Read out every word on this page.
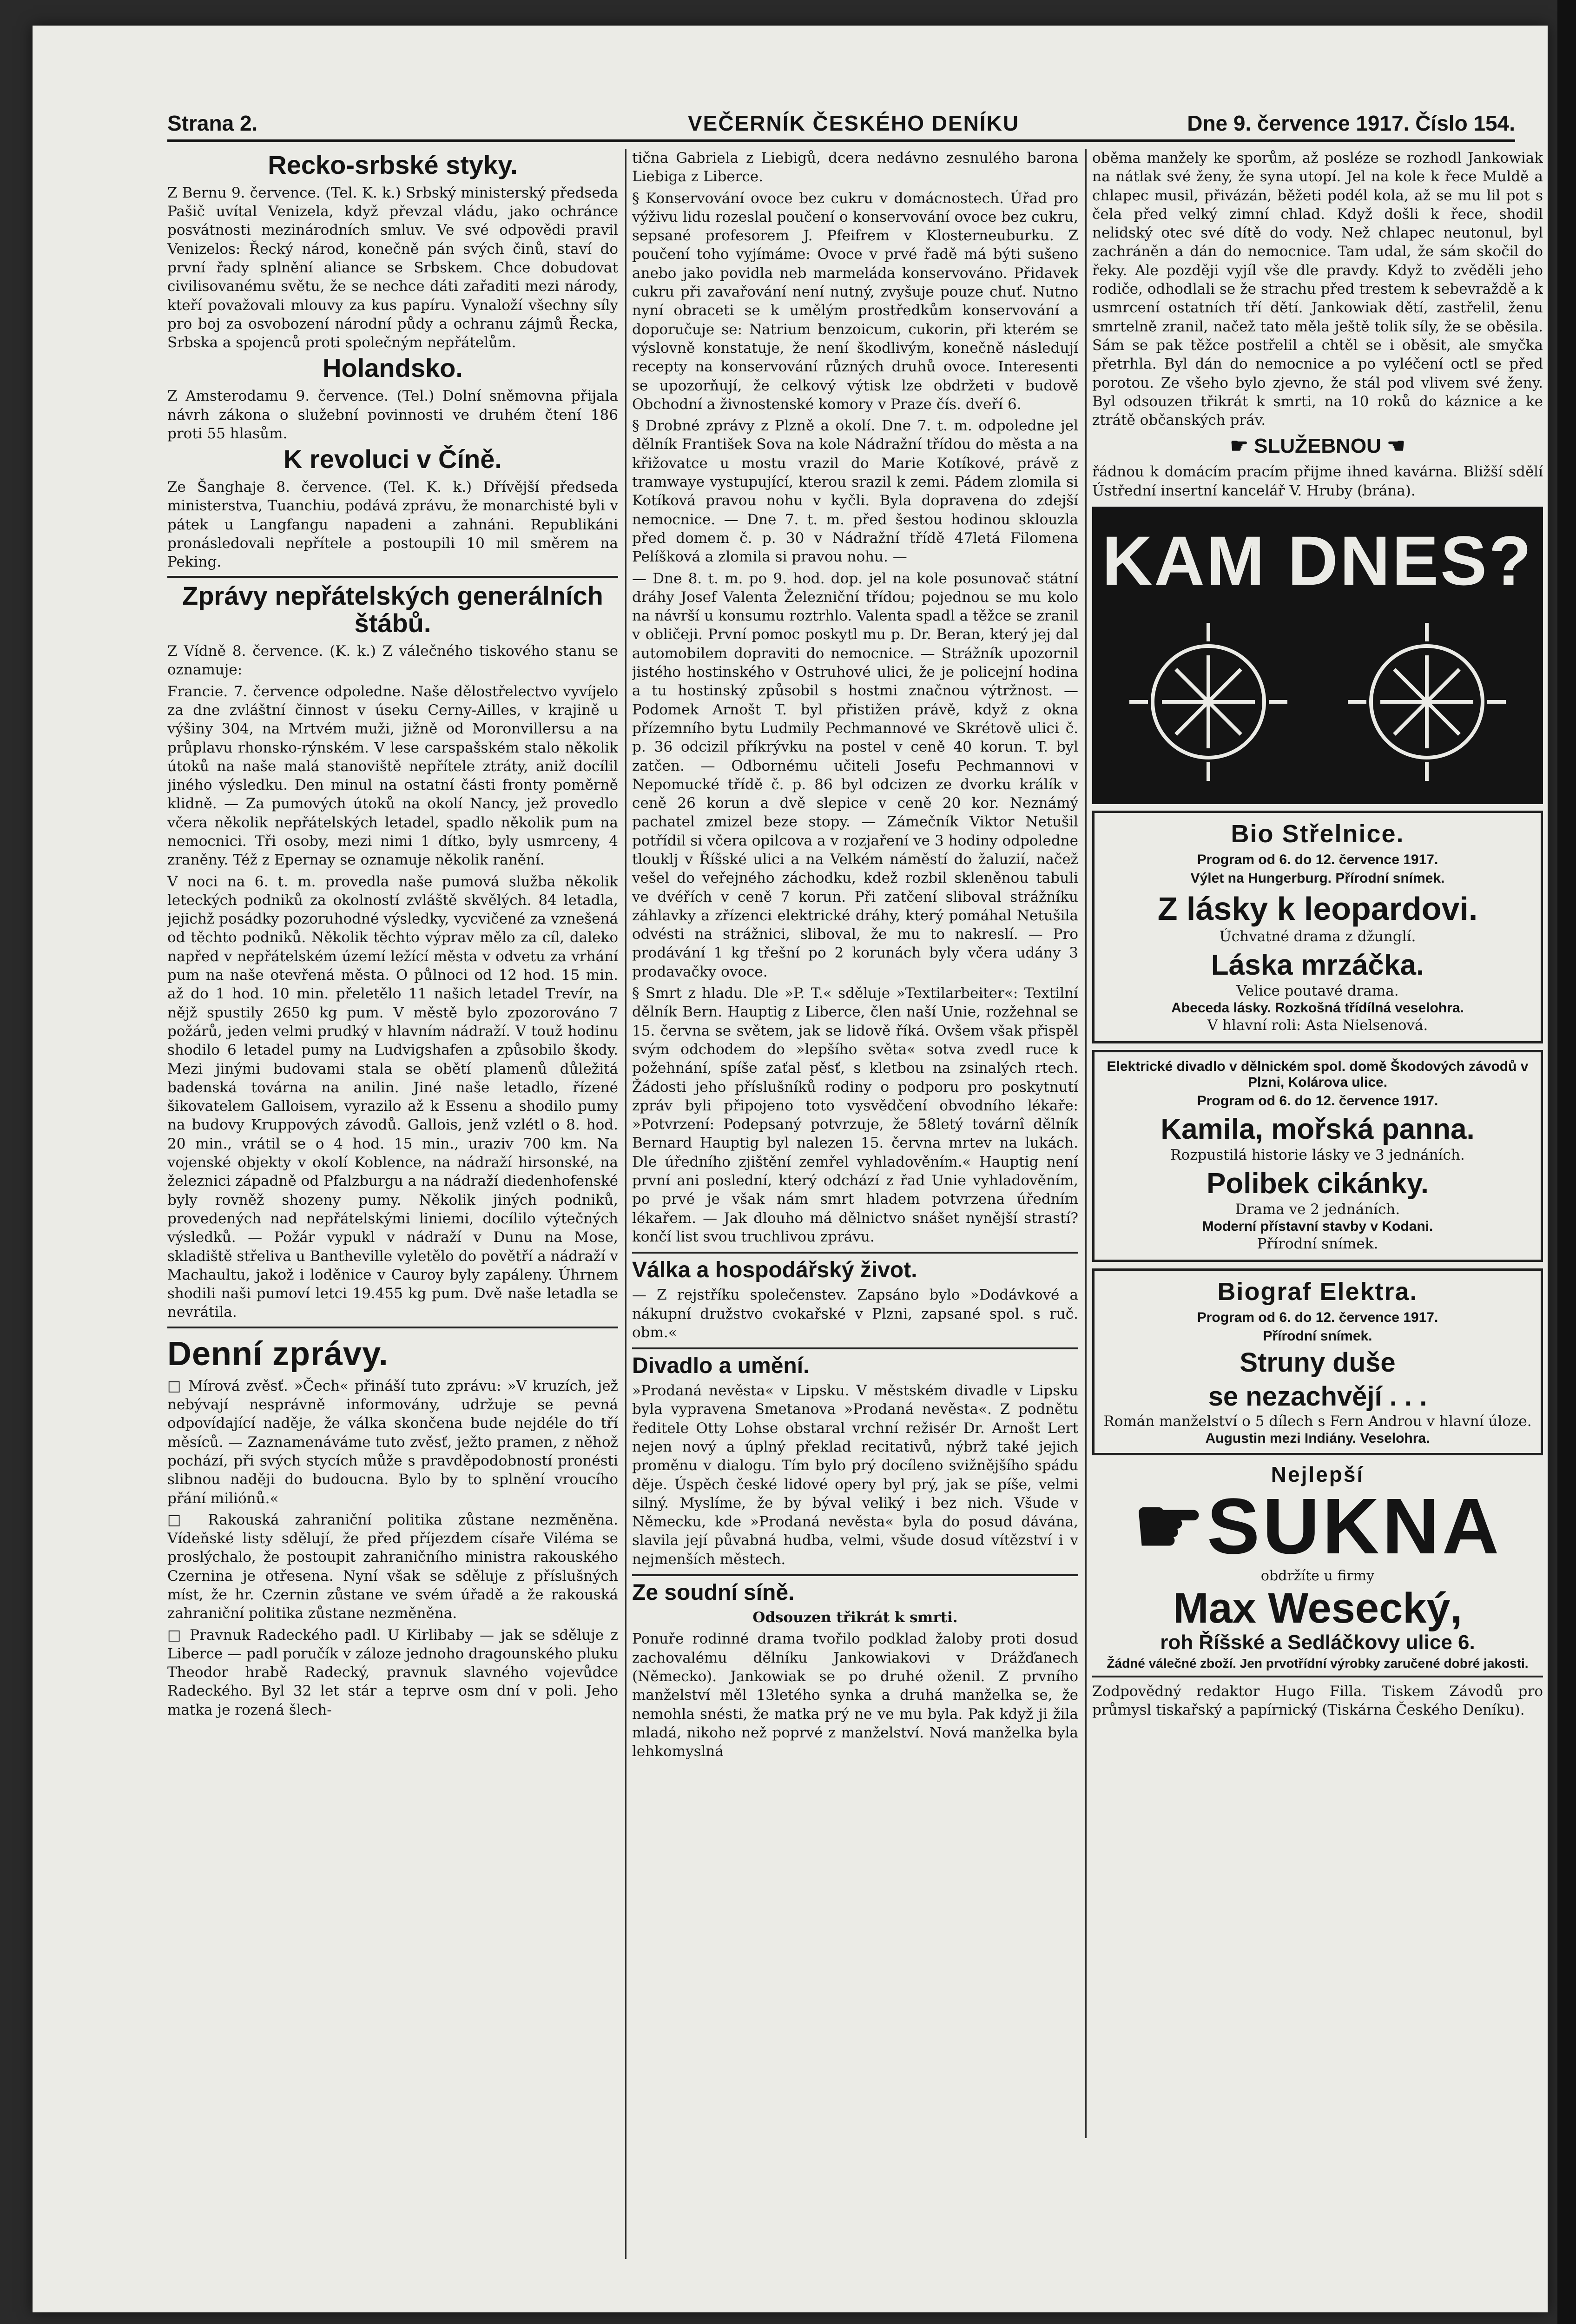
Strana 2.	VEČERNÍK ČESKÉHO DENÍKU	Dne 9. července 1917. Číslo 154.
Recko-srbské styky.

Z Bernu 9. července. (Tel. K. k.) Srbský ministerský předseda Pašič uvítal Venizela, když převzal vládu, jako ochránce posvátnosti mezinárodních smluv. Ve své odpovědi pravil Venizelos: Řecký národ, konečně pán svých činů, staví do první řady splnění aliance se Srbskem. Chce dobudovat civilisovanému světu, že se nechce dáti zařaditi mezi národy, kteří považovali mlouvy za kus papíru. Vynaloží všechny síly pro boj za osvobození národní půdy a ochranu zájmů Řecka, Srbska a spojenců proti společným nepřátelům.

Holandsko.

Z Amsterodamu 9. července. (Tel.) Dolní sněmovna přijala návrh zákona o služební povinnosti ve druhém čtení 186 proti 55 hlasům.

K revoluci v Číně.

Ze Šanghaje 8. července. (Tel. K. k.) Dřívější předseda ministerstva, Tuanchiu, podává zprávu, že monarchisté byli v pátek u Langfangu napadeni a zahnáni. Republikáni pronásledovali nepřítele a postoupili 10 mil směrem na Peking.

Zprávy nepřátelských generálních štábů.

Z Vídně 8. července. (K. k.) Z válečného tiskového stanu se oznamuje:

Francie. 7. července odpoledne. Naše dělostřelectvo vyvíjelo za dne zvláštní činnost v úseku Cerny-Ailles, v krajině u výšiny 304, na Mrtvém muži, jižně od Moronvillersu a na průplavu rhonsko-rýnském. V lese carspašském stalo několik útoků na naše malá stanoviště nepřítele ztráty, aniž docílil jiného výsledku. Den minul na ostatní části fronty poměrně klidně. — Za pumových útoků na okolí Nancy, jež provedlo včera několik nepřátelských letadel, spadlo několik pum na nemocnici. Tři osoby, mezi nimi 1 dítko, byly usmrceny, 4 zraněny. Též z Epernay se oznamuje několik ranění.

V noci na 6. t. m. provedla naše pumová služba několik leteckých podniků za okolností zvláště skvělých. 84 letadla, jejichž posádky pozoruhodné výsledky, vycvičené za vznešená od těchto podniků. Několik těchto výprav mělo za cíl, daleko napřed v nepřátelském území ležící města v odvetu za vrhání pum na naše otevřená města. O půlnoci od 12 hod. 15 min. až do 1 hod. 10 min. přeletělo 11 našich letadel Trevír, na nějž spustily 2650 kg pum. V městě bylo zpozorováno 7 požárů, jeden velmi prudký v hlavním nádraží. V touž hodinu shodilo 6 letadel pumy na Ludvigshafen a způsobilo škody. Mezi jinými budovami stala se obětí plamenů důležitá badenská továrna na anilin. Jiné naše letadlo, řízené šikovatelem Galloisem, vyrazilo až k Essenu a shodilo pumy na budovy Kruppových závodů. Gallois, jenž vzlétl o 8. hod. 20 min., vrátil se o 4 hod. 15 min., uraziv 700 km. Na vojenské objekty v okolí Koblence, na nádraží hirsonské, na železnici západně od Pfalzburgu a na nádraží diedenhofenské byly rovněž shozeny pumy. Několik jiných podniků, provedených nad nepřátelskými liniemi, docílilo výtečných výsledků. — Požár vypukl v nádraží v Dunu na Mose, skladiště střeliva u Bantheville vyletělo do povětří a nádraží v Machaultu, jakož i loděnice v Cauroy byly zapáleny. Úhrnem shodili naši pumoví letci 19.455 kg pum. Dvě naše letadla se nevrátila.

Denní zprávy.

□ Mírová zvěsť. »Čech« přináší tuto zprávu: »V kruzích, jež nebývají nesprávně informovány, udržuje se pevná odpovídající naděje, že válka skončena bude nejdéle do tří měsíců. — Zaznamenáváme tuto zvěsť, ježto pramen, z něhož pochází, při svých stycích může s pravděpodobností pronésti slibnou naději do budoucna. Bylo by to splnění vroucího přání miliónů.«

□ Rakouská zahraniční politika zůstane nezměněna. Vídeňské listy sdělují, že před příjezdem císaře Viléma se proslýchalo, že postoupit zahraničního ministra rakouského Czernina je otřesena. Nyní však se sděluje z příslušných míst, že hr. Czernin zůstane ve svém úřadě a že rakouská zahraniční politika zůstane nezměněna.

□ Pravnuk Radeckého padl. U Kirlibaby — jak se sděluje z Liberce — padl poručík v záloze jednoho dragounského pluku Theodor hrabě Radecký, pravnuk slavného vojevůdce Radeckého. Byl 32 let stár a teprve osm dní v poli. Jeho matka je rozená šlech-

tična Gabriela z Liebigů, dcera nedávno zesnulého barona Liebiga z Liberce.

§ Konservování ovoce bez cukru v domácnostech. Úřad pro výživu lidu rozeslal poučení o konservování ovoce bez cukru, sepsané profesorem J. Pfeifrem v Klosterneuburku. Z poučení toho vyjímáme: Ovoce v prvé řadě má býti sušeno anebo jako povidla neb marmeláda konservováno. Přidavek cukru při zavařování není nutný, zvyšuje pouze chuť. Nutno nyní obraceti se k umělým prostředkům konservování a doporučuje se: Natrium benzoicum, cukorin, při kterém se výslovně konstatuje, že není škodlivým, konečně následují recepty na konservování různých druhů ovoce. Interesenti se upozorňují, že celkový výtisk lze obdržeti v budově Obchodní a živnostenské komory v Praze čís. dveří 6.

§ Drobné zprávy z Plzně a okolí. Dne 7. t. m. odpoledne jel dělník František Sova na kole Nádražní třídou do města a na křižovatce u mostu vrazil do Marie Kotíkové, právě z tramwaye vystupující, kterou srazil k zemi. Pádem zlomila si Kotíková pravou nohu v kyčli. Byla dopravena do zdejší nemocnice. — Dne 7. t. m. před šestou hodinou sklouzla před domem č. p. 30 v Nádražní třídě 47letá Filomena Pelíšková a zlomila si pravou nohu. —

— Dne 8. t. m. po 9. hod. dop. jel na kole posunovač státní dráhy Josef Valenta Železniční třídou; pojednou se mu kolo na návrší u konsumu roztrhlo. Valenta spadl a těžce se zranil v obličeji. První pomoc poskytl mu p. Dr. Beran, který jej dal automobilem dopraviti do nemocnice. — Strážník upozornil jistého hostinského v Ostruhové ulici, že je policejní hodina a tu hostinský způsobil s hostmi značnou výtržnost. — Podomek Arnošt T. byl přistižen právě, když z okna přízemního bytu Ludmily Pechmannové ve Skrétově ulici č. p. 36 odcizil příkrývku na postel v ceně 40 korun. T. byl zatčen. — Odbornému učiteli Josefu Pechmannovi v Nepomucké třídě č. p. 86 byl odcizen ze dvorku králík v ceně 26 korun a dvě slepice v ceně 20 kor. Neznámý pachatel zmizel beze stopy. — Zámečník Viktor Netušil potřídil si včera opilcova a v rozjaření ve 3 hodiny odpoledne tlouklj v Říšské ulici a na Velkém náměstí do žaluzií, načež vešel do veřejného záchodku, kdež rozbil skleněnou tabuli ve dvéřích v ceně 7 korun. Při zatčení sliboval strážníku záhlavky a zřízenci elektrické dráhy, který pomáhal Netušila odvésti na strážnici, sliboval, že mu to nakreslí. — Pro prodávání 1 kg třešní po 2 korunách byly včera udány 3 prodavačky ovoce.

§ Smrt z hladu. Dle »P. T.« sděluje »Textilarbeiter«: Textilní dělník Bern. Hauptig z Liberce, člen naší Unie, rozžehnal se 15. června se světem, jak se lidově říká. Ovšem však přispěl svým odchodem do »lepšího světa« sotva zvedl ruce k požehnání, spíše zaťal pěsť, s kletbou na zsinalých rtech. Žádosti jeho příslušníků rodiny o podporu pro poskytnutí zpráv byli připojeno toto vysvědčení obvodního lékaře: »Potvrzení: Podepsaný potvrzuje, že 58letý továrnî dělník Bernard Hauptig byl nalezen 15. června mrtev na lukách. Dle úředního zjištění zemřel vyhladověním.« Hauptig není první ani poslední, který odchází z řad Unie vyhladověním, po prvé je však nám smrt hladem potvrzena úředním lékařem. — Jak dlouho má dělnictvo snášet nynější strastí? končí list svou truchlivou zprávu.

Válka a hospodářský život.

— Z rejstříku společenstev. Zapsáno bylo »Dodávkové a nákupní družstvo cvokařské v Plzni, zapsané spol. s ruč. obm.«

Divadlo a umění.

»Prodaná nevěsta« v Lipsku. V městském divadle v Lipsku byla vypravena Smetanova »Prodaná nevěsta«. Z podnětu ředitele Otty Lohse obstaral vrchní režisér Dr. Arnošt Lert nejen nový a úplný překlad recitativů, nýbrž také jejich proměnu v dialogu. Tím bylo prý docíleno svižnějšího spádu děje. Úspěch české lidové opery byl prý, jak se píše, velmi silný. Myslíme, že by býval veliký i bez nich. Všude v Německu, kde »Prodaná nevěsta« byla do posud dávána, slavila její půvabná hudba, velmi, všude dosud vítězství i v nejmenších městech.

Ze soudní síně.

Odsouzen třikrát k smrti.

Ponuře rodinné drama tvořilo podklad žaloby proti dosud zachovalému dělníku Jankowiakovi v Drážďanech (Německo). Jankowiak se po druhé oženil. Z prvního manželství měl 13letého synka a druhá manželka se, že nemohla snésti, že matka prý ne ve mu byla. Pak když ji žila mladá, nikoho než poprvé z manželství. Nová manželka byla lehkomyslná

oběma manžely ke sporům, až posléze se rozhodl Jankowiak na nátlak své ženy, že syna utopí. Jel na kole k řece Muldě a chlapec musil, přivázán, běžeti podél kola, až se mu lil pot s čela před velký zimní chlad. Když došli k řece, shodil nelidský otec své dítě do vody. Než chlapec neutonul, byl zachráněn a dán do nemocnice. Tam udal, že sám skočil do řeky. Ale později vyjíl vše dle pravdy. Když to zvěděli jeho rodiče, odhodlali se že strachu před trestem k sebevraždě a k usmrcení ostatních tří dětí. Jankowiak dětí, zastřelil, ženu smrtelně zranil, načež tato měla ještě tolik síly, že se oběsila. Sám se pak těžce postřelil a chtěl se i oběsit, ale smyčka přetrhla. Byl dán do nemocnice a po vyléčení octl se před porotou. Ze všeho bylo zjevno, že stál pod vlivem své ženy. Byl odsouzen třikrát k smrti, na 10 roků do káznice a ke ztrátě občanských práv.

☛ SLUŽEBNOU ☚

řádnou k domácím pracím přijme ihned kavárna. Bližší sdělí Ústřední insertní kancelář V. Hruby (brána).

KAM DNES?
Bio Střelnice.
Program od 6. do 12. července 1917.
Výlet na Hungerburg. Přírodní snímek.
Z lásky k leopardovi.
Úchvatné drama z džunglí.
Láska mrzáčka.
Velice poutavé drama.
Abeceda lásky. Rozkošná třídílná veselohra.
V hlavní roli: Asta Nielsenová.
Elektrické divadlo v dělnickém spol. domě Škodových závodů v Plzni, Kolárova ulice.
Program od 6. do 12. července 1917.
Kamila, mořská panna.
Rozpustilá historie lásky ve 3 jednáních.
Polibek cikánky.
Drama ve 2 jednáních.
Moderní přístavní stavby v Kodani.
Přírodní snímek.
Biograf Elektra.
Program od 6. do 12. července 1917.
Přírodní snímek.
Struny duše
se nezachvějí . . .
Román manželství o 5 dílech s Fern Androu v hlavní úloze.
Augustin mezi Indiány. Veselohra.
Nejlepší
☛SUKNA
obdržíte u firmy
Max Wesecký,
roh Říšské a Sedláčkovy ulice 6.
Žádné válečné zboží. Jen prvotřídní výrobky zaručené dobré jakosti.

Zodpovědný redaktor Hugo Filla. Tiskem Závodů pro průmysl tiskařský a papírnický (Tiskárna Českého Deníku).
